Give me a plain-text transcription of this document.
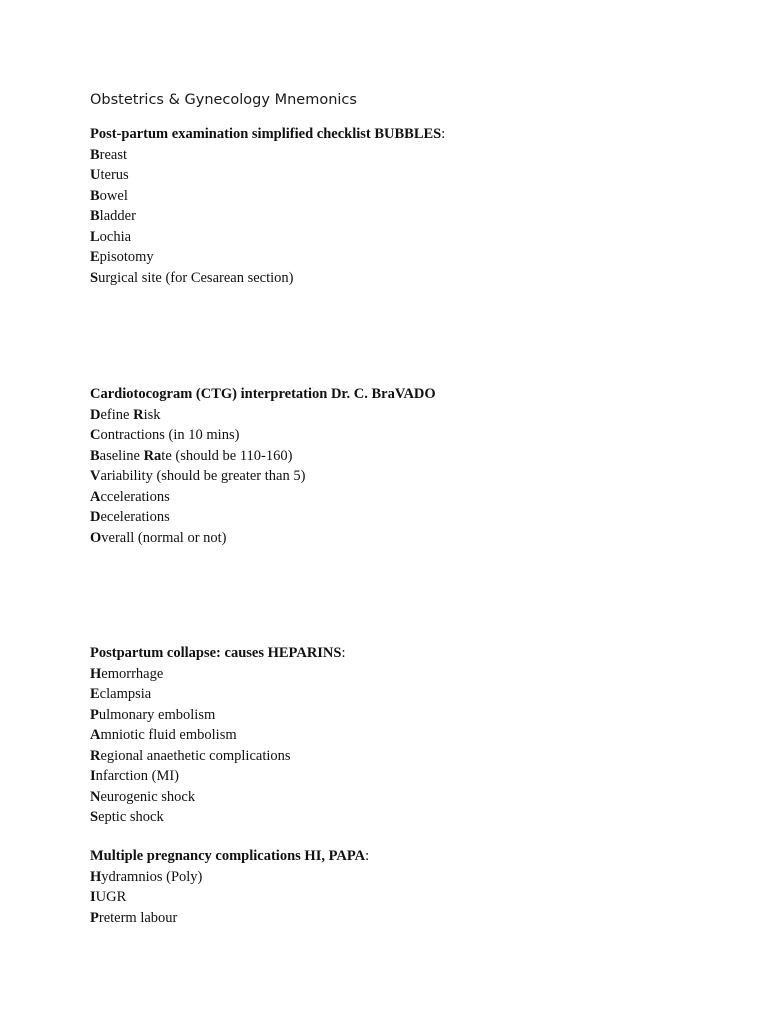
Obstetrics & Gynecology Mnemonics
Post-partum examination simplified checklist BUBBLES:
Breast
Uterus
Bowel
Bladder
Lochia
Episotomy
Surgical site (for Cesarean section)
Cardiotocogram (CTG) interpretation Dr. C. BraVADO
Define Risk
Contractions (in 10 mins)
Baseline Rate (should be 110-160)
Variability (should be greater than 5)
Accelerations
Decelerations
Overall (normal or not)
Postpartum collapse: causes HEPARINS:
Hemorrhage
Eclampsia
Pulmonary embolism
Amniotic fluid embolism
Regional anaethetic complications
Infarction (MI)
Neurogenic shock
Septic shock
Multiple pregnancy complications HI, PAPA:
Hydramnios (Poly)
IUGR
Preterm labour
